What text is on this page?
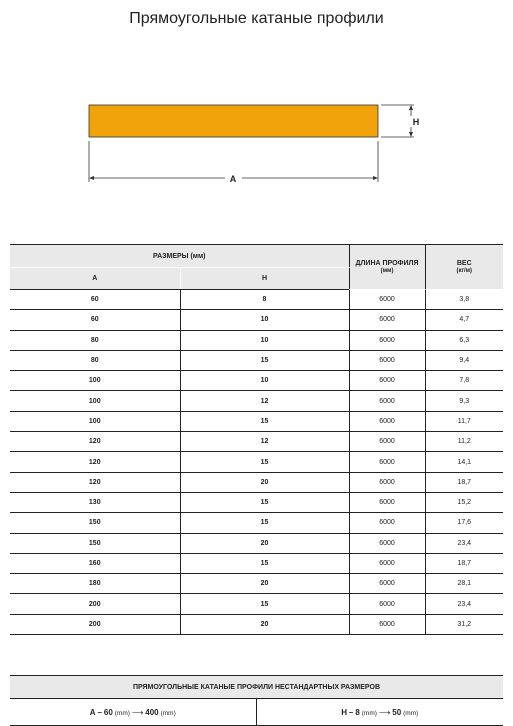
Прямоугольные катаные профили
H
A
РАЗМЕРЫ (мм)		ДЛИНА ПРОФИЛЯ
(мм)	ВЕС
(кг/м)

A	H		
60	8	6000	3,8
60	10	6000	4,7
80	10	6000	6,3
80	15	6000	9,4
100	10	6000	7,8
100	12	6000	9,3
100	15	6000	11,7
120	12	6000	11,2
120	15	6000	14,1
120	20	6000	18,7
130	15	6000	15,2
150	15	6000	17,6
150	20	6000	23,4
160	15	6000	18,7
180	20	6000	28,1
200	15	6000	23,4
200	20	6000	31,2
ПРЯМОУГОЛЬНЫЕ КАТАНЫЕ ПРОФИЛИ НЕСТАНДАРТНЫХ РАЗМЕРОВ
A – 60 (mm) ⟶ 400 (mm)	H – 8 (mm) ⟶ 50 (mm)
